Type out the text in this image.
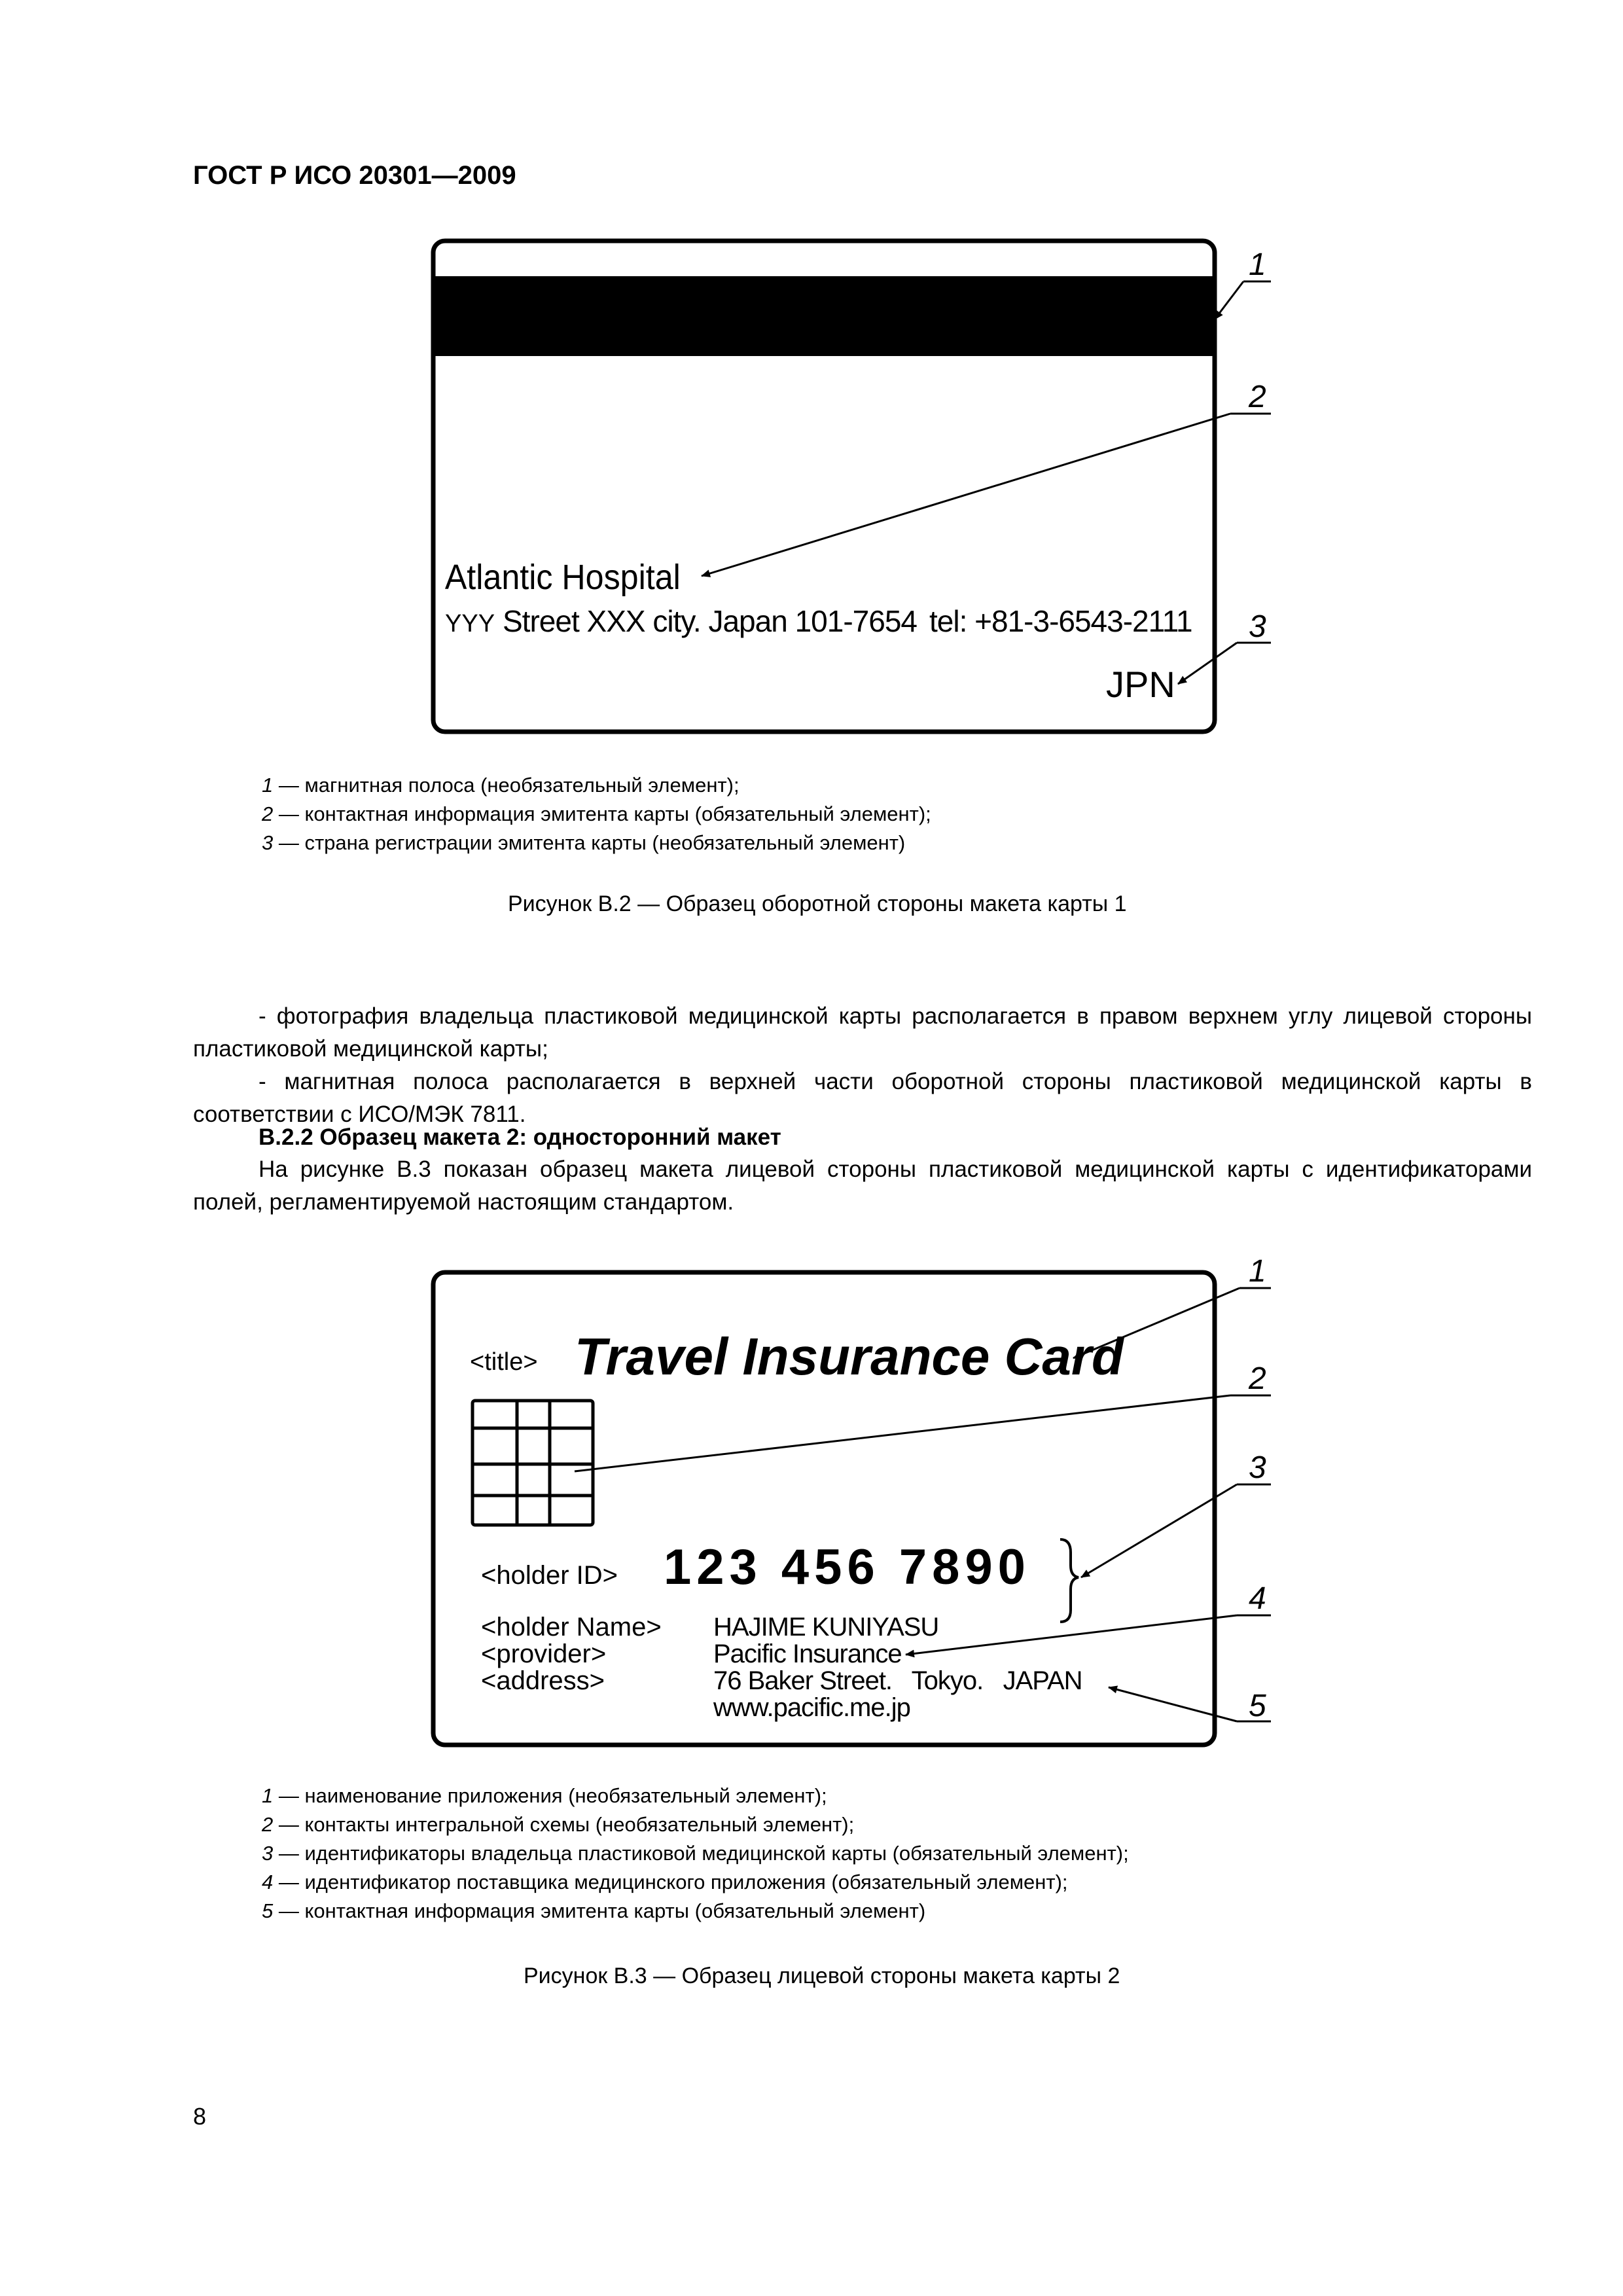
ГОСТ Р ИСО 20301—2009
Atlantic Hospital
YYY Street XXX city. Japan 101-7654 tel: +81-3-6543-2111
JPN
1
2
3
1 — магнитная полоса (необязательный элемент);
2 — контактная информация эмитента карты (обязательный элемент);
3 — страна регистрации эмитента карты (необязательный элемент)
Рисунок В.2 — Образец оборотной стороны макета карты 1
- фотография владельца пластиковой медицинской карты располагается в правом верхнем углу лицевой стороны пластиковой медицинской карты;
- магнитная полоса располагается в верхней части оборотной стороны пластиковой медицинской карты в соответствии с ИСО/МЭК 7811.
В.2.2 Образец макета 2: односторонний макет
На рисунке В.3 показан образец макета лицевой стороны пластиковой медицинской карты с идентификаторами полей, регламентируемой настоящим стандартом.
<title> Travel Insurance Card
<holder ID> 123 456 7890
<holder Name>
<provider>
<address>
HAJIME KUNIYASU
Pacific Insurance
76 Baker Street.   Tokyo.   JAPAN
www.pacific.me.jp
1
2
3
4
5
1 — наименование приложения (необязательный элемент);
2 — контакты интегральной схемы (необязательный элемент);
3 — идентификаторы владельца пластиковой медицинской карты (обязательный элемент);
4 — идентификатор поставщика медицинского приложения (обязательный элемент);
5 — контактная информация эмитента карты (обязательный элемент)
Рисунок В.3 — Образец лицевой стороны макета карты 2
8
